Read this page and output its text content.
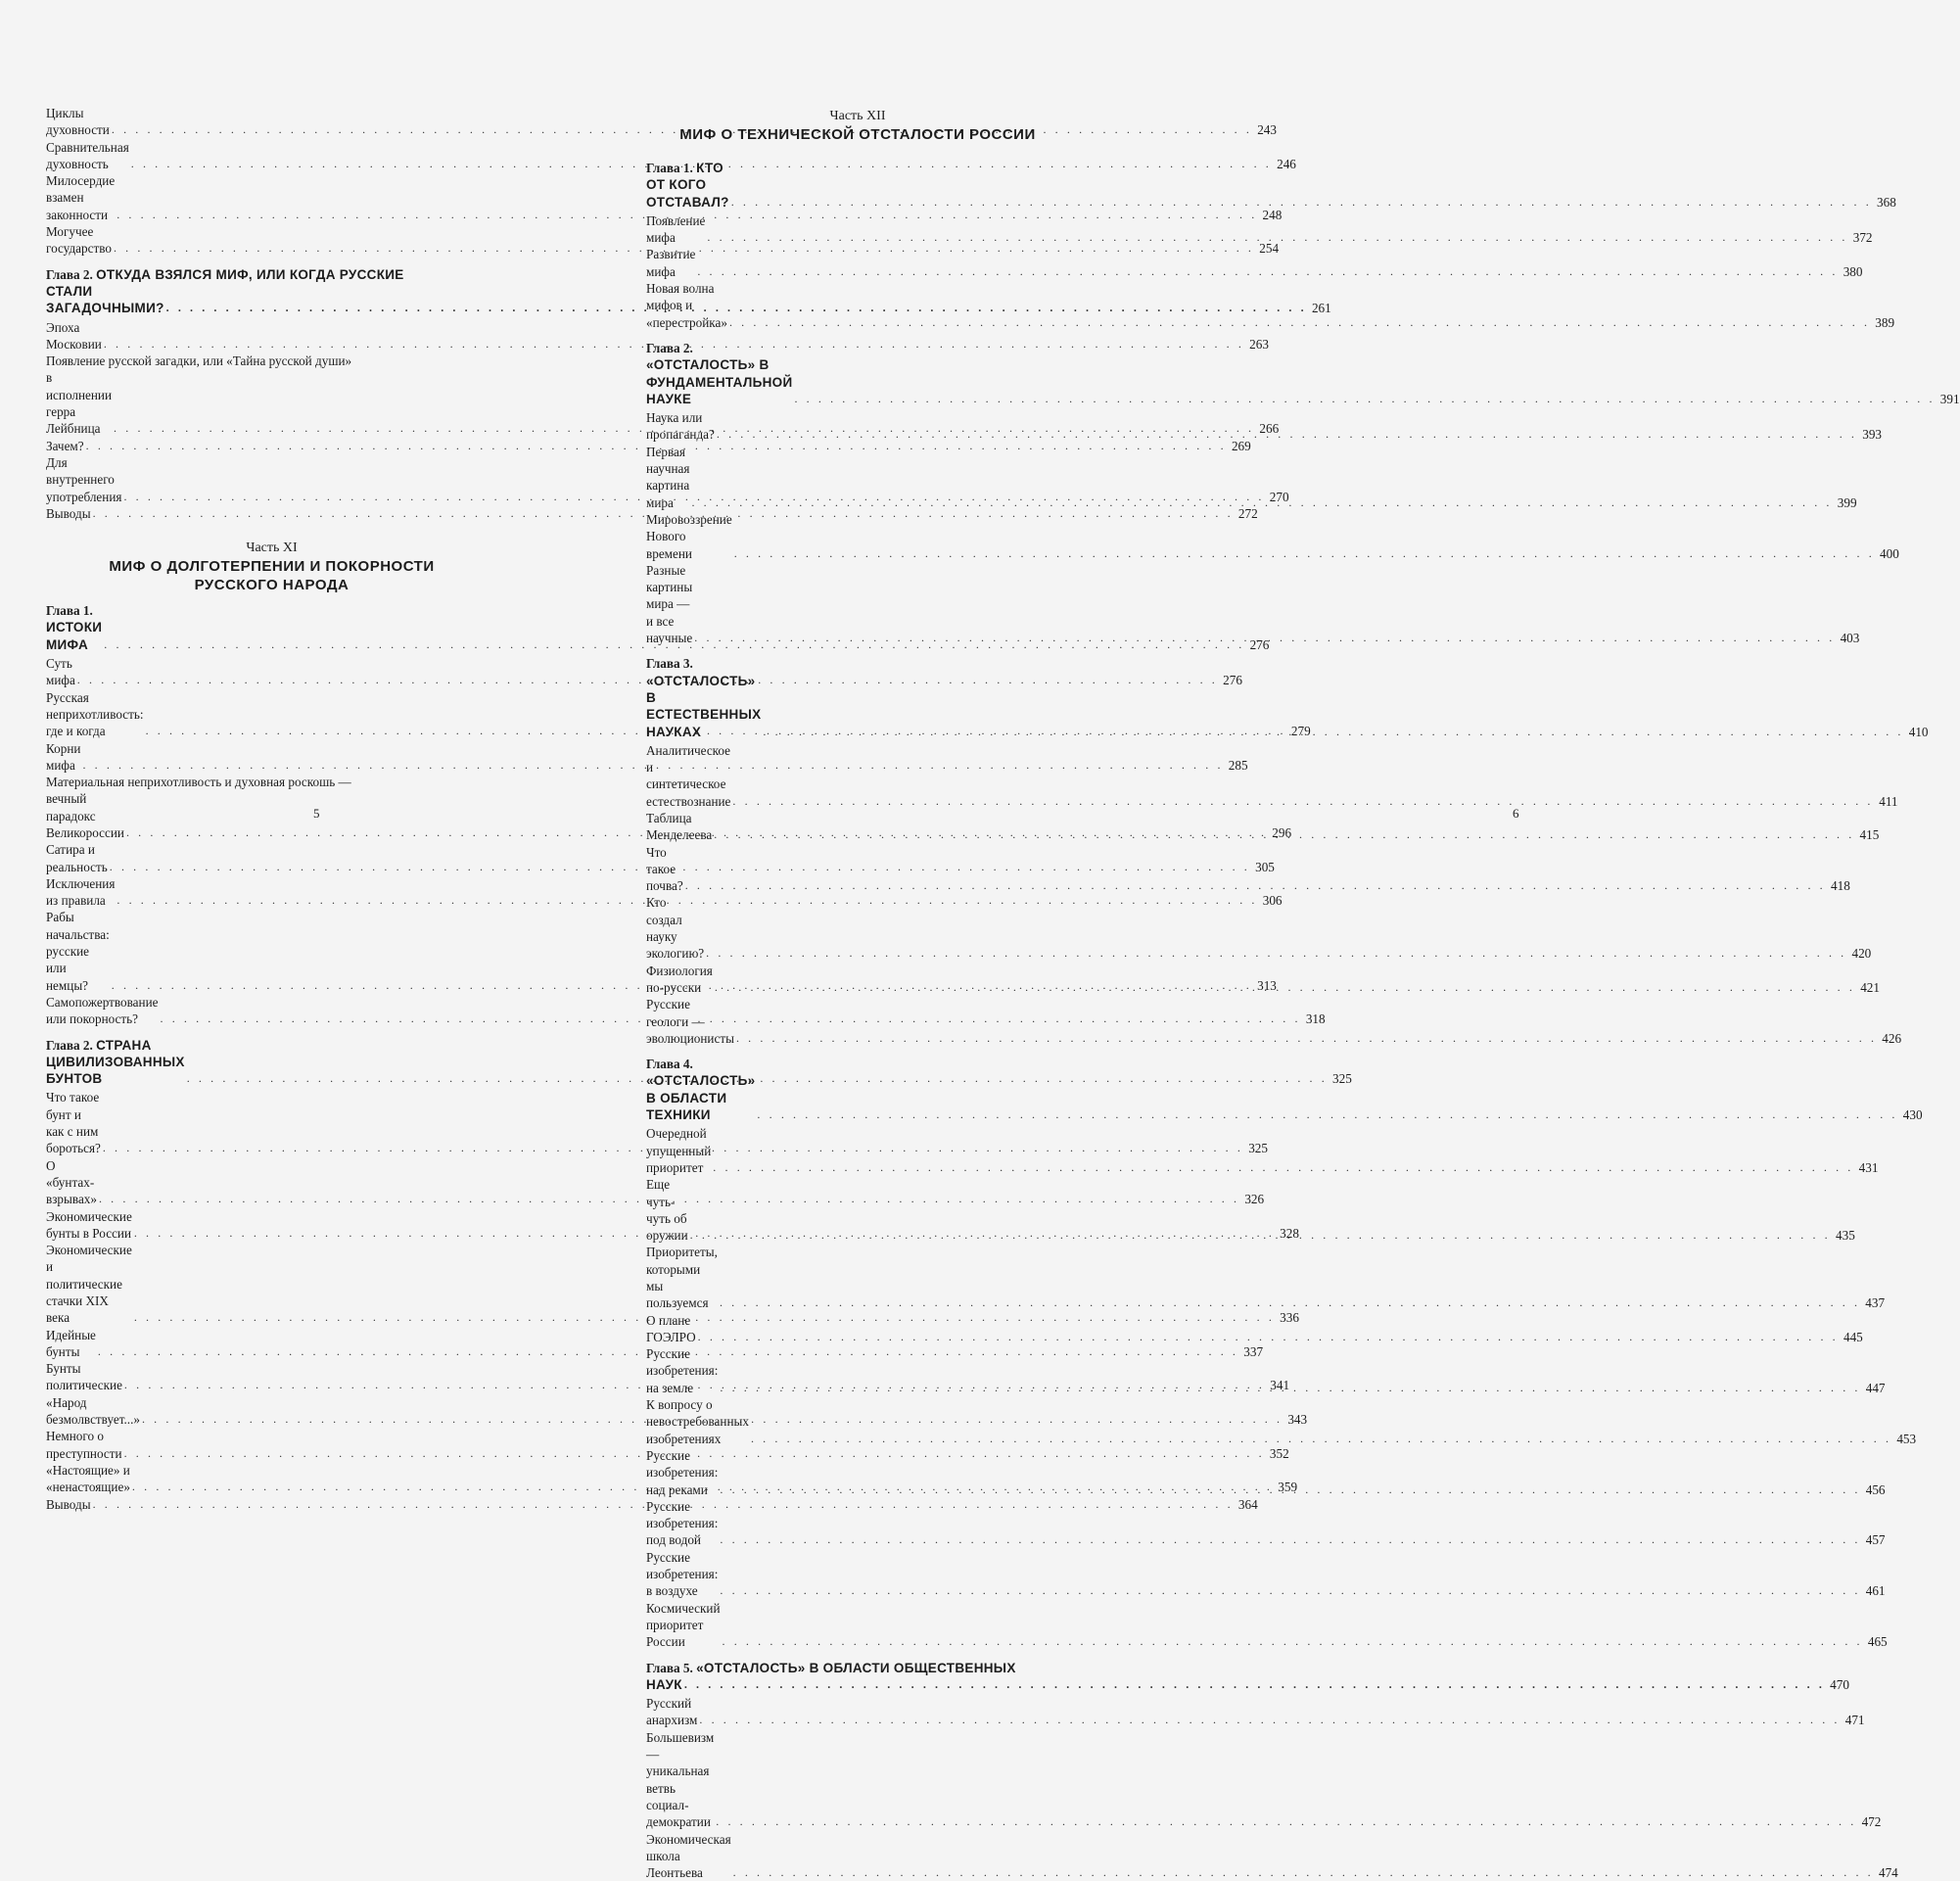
Циклы духовности . . .	243
Сравнительная духовность . . .	246
Милосердие взамен законности . . .	248
Могучее государство . . .	254
Глава 2. ОТКУДА ВЗЯЛСЯ МИФ, ИЛИ КОГДА РУССКИЕ
СТАЛИ ЗАГАДОЧНЫМИ? . . .	261
Эпоха Московии . . .	263
Появление русской загадки, или «Тайна русской души»
в исполнении герра Лейбница . . .	266
Зачем? . . .	269
Для внутреннего употребления . . .	270
Выводы . . .	272
Часть XI
МИФ О ДОЛГОТЕРПЕНИИ И ПОКОРНОСТИ
РУССКОГО НАРОДА
Глава 1. ИСТОКИ МИФА . . .	276
Суть мифа . . .	276
Русская неприхотливость: где и когда . . .	279
Корни мифа . . .	285
Материальная неприхотливость и духовная роскошь —
вечный парадокс Великороссии . . .	296
Сатира и реальность . . .	305
Исключения из правила . . .	306
Рабы начальства: русские или немцы? . . .	313
Самопожертвование или покорность? . . .	318
Глава 2. СТРАНА ЦИВИЛИЗОВАННЫХ БУНТОВ . . .	325
Что такое бунт и как с ним бороться? . . .	325
О «бунтах-взрывах» . . .	326
Экономические бунты в России . . .	328
Экономические и политические стачки XIX века . . .	336
Идейные бунты . . .	337
Бунты политические . . .	341
«Народ безмолвствует...» . . .	343
Немного о преступности . . .	352
«Настоящие» и «ненастоящие» . . .	359
Выводы . . .	364
5
Часть XII
МИФ О ТЕХНИЧЕСКОЙ ОТСТАЛОСТИ РОССИИ
Глава 1. КТО ОТ КОГО ОТСТАВАЛ? . . .	368
Появление мифа . . .	372
Развитие мифа . . .	380
Новая волна мифов и «перестройка» . . .	389
Глава 2. «ОТСТАЛОСТЬ» В ФУНДАМЕНТАЛЬНОЙ НАУКЕ . . .	391
Наука или пропаганда? . . .	393
Первая научная картина мира . . .	399
Мировоззрение Нового времени . . .	400
Разные картины мира — и все научные . . .	403
Глава 3. «ОТСТАЛОСТЬ» В ЕСТЕСТВЕННЫХ НАУКАХ . . .	410
Аналитическое и синтетическое естествознание . . .	411
Таблица Менделеева . . .	415
Что такое почва? . . .	418
Кто создал науку экологию? . . .	420
Физиология по-русски . . .	421
Русские геологи — эволюционисты . . .	426
Глава 4. «ОТСТАЛОСТЬ» В ОБЛАСТИ ТЕХНИКИ . . .	430
Очередной упущенный приоритет . . .	431
Еще чуть-чуть об оружии . . .	435
Приоритеты, которыми мы пользуемся . . .	437
О плане ГОЭЛРО . . .	445
Русские изобретения: на земле . . .	447
К вопросу о невостребованных изобретениях . . .	453
Русские изобретения: над реками . . .	456
Русские изобретения: под водой . . .	457
Русские изобретения: в воздухе . . .	461
Космический приоритет России . . .	465
Глава 5. «ОТСТАЛОСТЬ» В ОБЛАСТИ ОБЩЕСТВЕННЫХ
НАУК . . .	470
Русский анархизм . . .	471
Большевизм — уникальная ветвь социал-демократии . . .	472
Экономическая школа Леонтьева . . .	474
6
